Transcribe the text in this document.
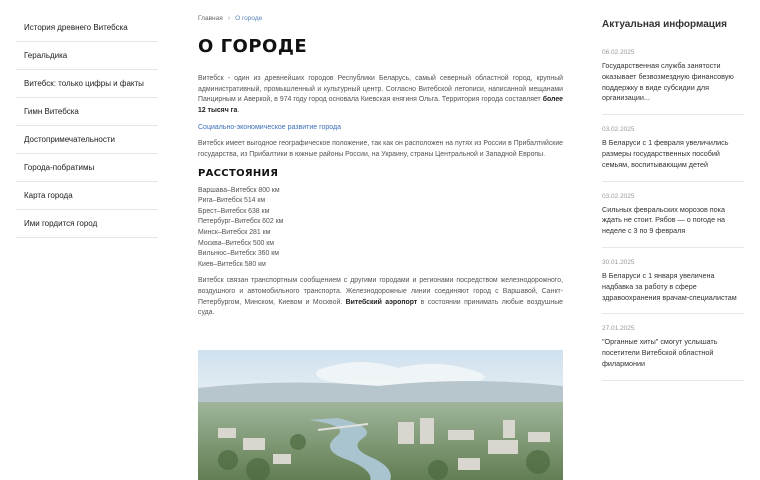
История древнего Витебска
Геральдика
Витебск: только цифры и факты
Гимн Витебска
Достопримечательности
Города-побратимы
Карта города
Ими гордится город
Главная › О городе
О ГОРОДЕ

Витебск - один из древнейших городов Республики Беларусь, самый северный областной город, крупный административный, промышленный и культурный центр. Согласно Витебской летописи, написанной мещанами Панцирным и Аверкой, в 974 году город основала Киевская княгиня Ольга. Территория города составляет более 12 тысяч га.

Социально-экономическое развитие города

Витебск имеет выгодное географическое положение, так как он расположен на путях из России в Прибалтийские государства, из Прибалтики в южные районы России, на Украину, страны Центральной и Западной Европы.

РАССТОЯНИЯ
Варшава–Витебск 800 км
Рига–Витебск 514 км
Брест–Витебск 638 км
Петербург–Витебск 602 км
Минск–Витебск 281 км
Москва–Витебск 500 км
Вильнюс–Витебск 360 км
Киев–Витебск 580 км

Витебск связан транспортным сообщением с другими городами и регионами посредством железнодорожного, воздушного и автомобильного транспорта. Железнодорожные линии соединяют город с Варшавой, Санкт-Петербургом, Минском, Киевом и Москвой. Витебский аэропорт в состоянии принимать любые воздушные суда.

Актуальная информация
06.02.2025
Государственная служба занятости оказывает безвозмездную финансовую поддержку в виде субсидии для организации...
03.02.2025
В Беларуси с 1 февраля увеличились размеры государственных пособий семьям, воспитывающим детей
03.02.2025
Сильных февральских морозов пока ждать не стоит. Рябов — о погоде на неделе с 3 по 9 февраля
30.01.2025
В Беларуси с 1 января увеличена надбавка за работу в сфере здравоохранения врачам-специалистам
27.01.2025
"Органные хиты" смогут услышать посетители Витебской областной филармонии
